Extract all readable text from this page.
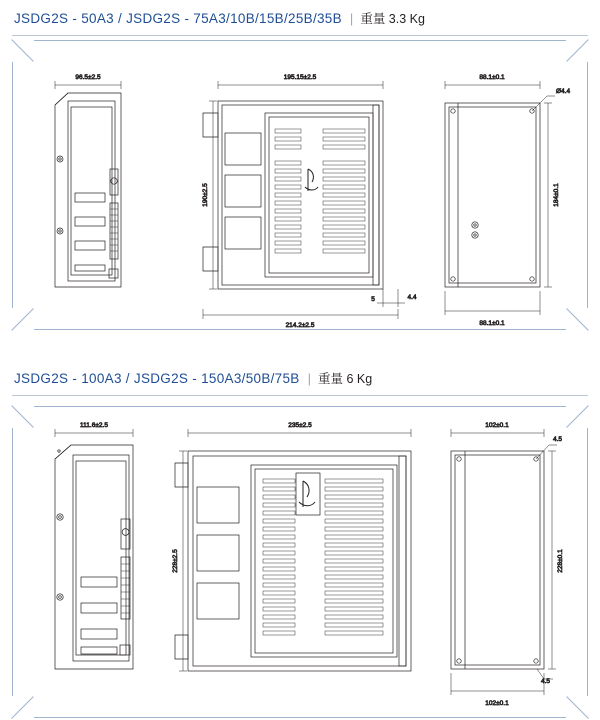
JSDG2S - 50A3 / JSDG2S - 75A3/10B/15B/25B/35B | 重量 3.3 Kg
96.5±2.5	195.15±2.5
190±2.5
214.2±2.5
5	4.4
88.1±0.1
Ø4.4
184±0.1
88.1±0.1
JSDG2S - 100A3 / JSDG2S - 150A3/50B/75B | 重量 6 Kg
111.6±2.5	235±2.5
228±2.5
102±0.1
4.5
228±0.1
102±0.1
4.5
